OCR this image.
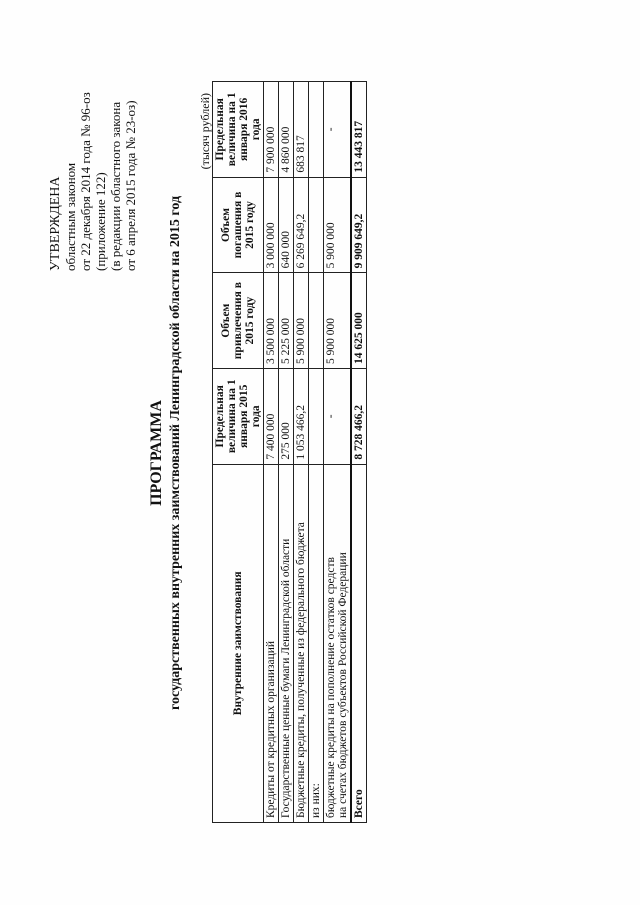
УТВЕРЖДЕНА областным законом от 22 декабря 2014 года № 96-оз (приложение 122) (в редакции областного закона от 6 апреля 2015 года № 23-оз)
ПРОГРАММА государственных внутренних заимствований Ленинградской области на 2015 год
(тысяч рублей)
Внутренние заимствования	Предельная величина на 1 января 2015 года	Объем привлечения в 2015 году	Объем погашения в 2015 году	Предельная величина на 1 января 2016 года
Кредиты от кредитных организаций	7 400 000	3 500 000	3 000 000	7 900 000
Государственные ценные бумаги Ленинградской области	275 000	5 225 000	640 000	4 860 000
Бюджетные кредиты, полученные из федерального бюджета	1 053 466,2	5 900 000	6 269 649,2	683 817
из них:				

бюджетные кредиты на пополнение остатков средств на счетах бюджетов субъектов Российской Федерации	-	5 900 000	5 900 000	-
Всего	8 728 466,2	14 625 000	9 909 649,2	13 443 817
